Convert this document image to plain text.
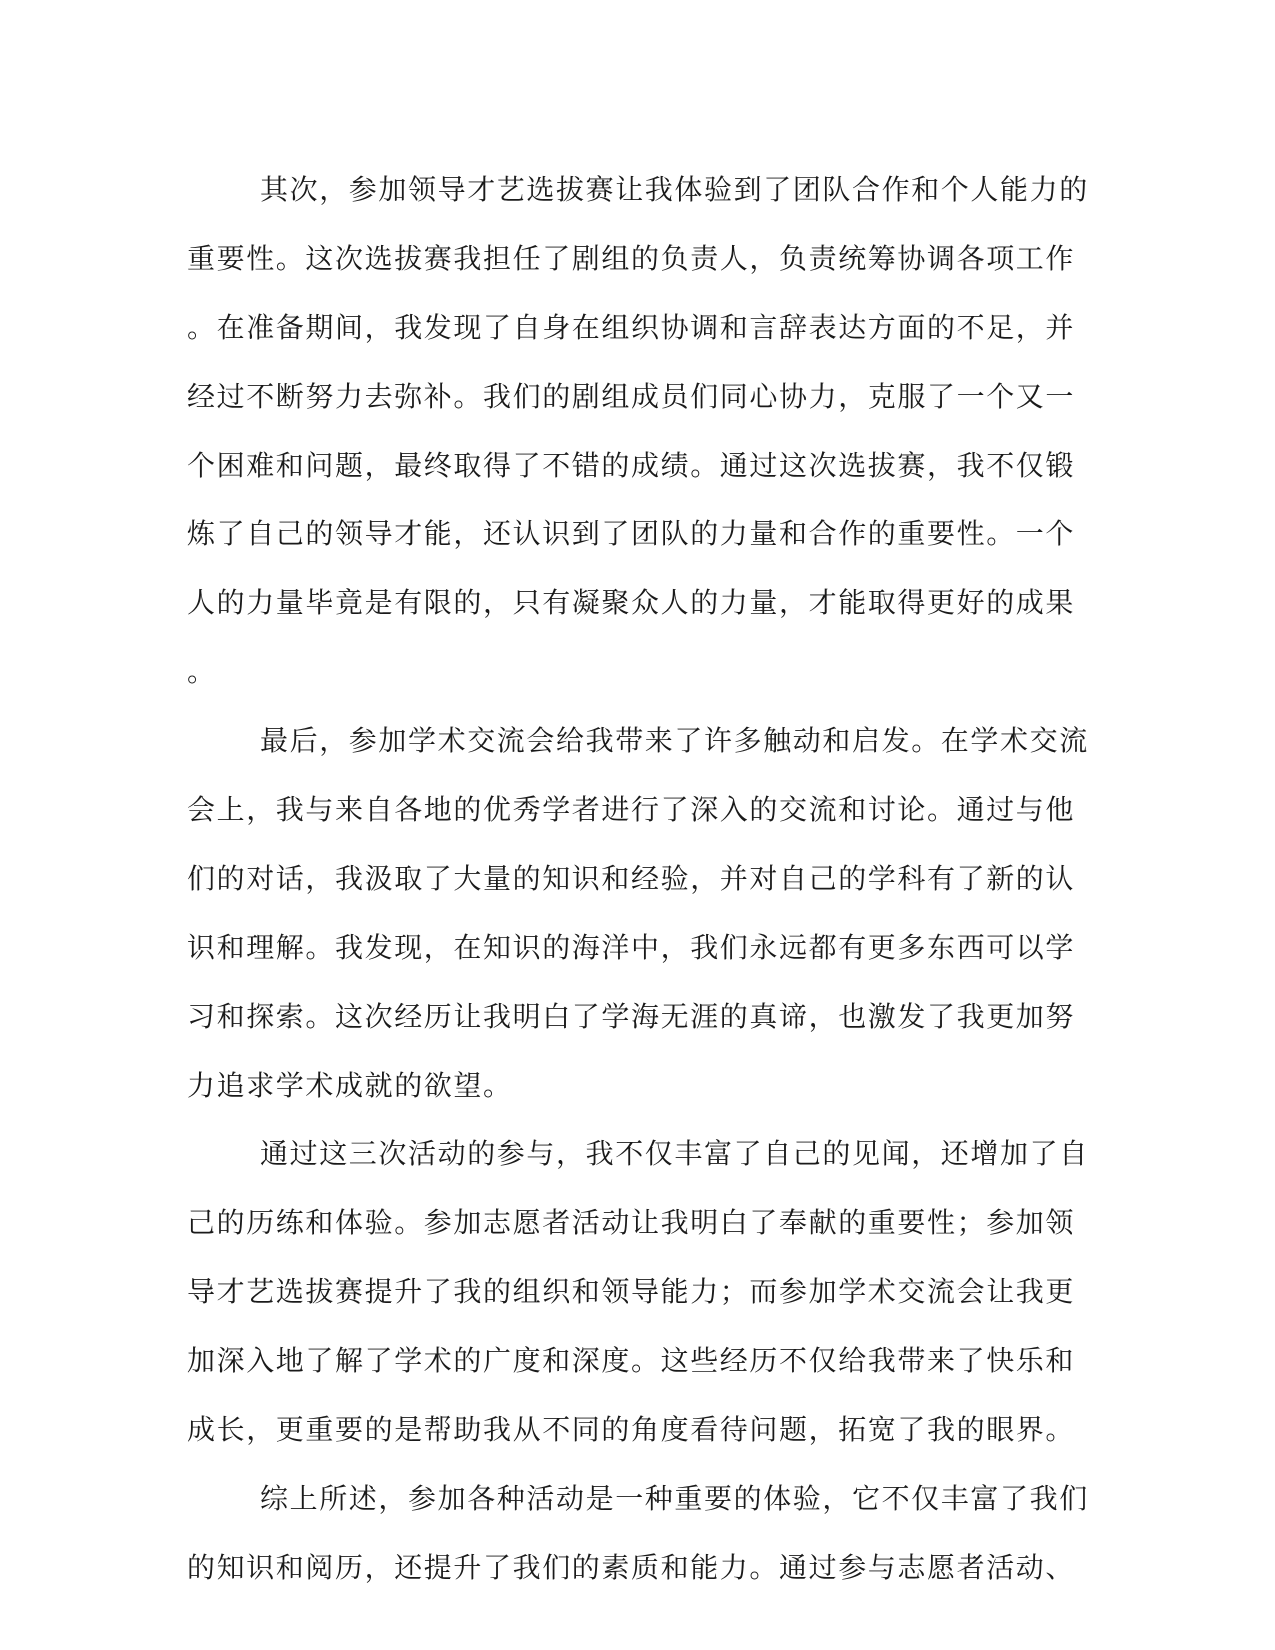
其次，参加领导才艺选拔赛让我体验到了团队合作和个人能力的
重要性。这次选拔赛我担任了剧组的负责人，负责统筹协调各项工作
。在准备期间，我发现了自身在组织协调和言辞表达方面的不足，并
经过不断努力去弥补。我们的剧组成员们同心协力，克服了一个又一
个困难和问题，最终取得了不错的成绩。通过这次选拔赛，我不仅锻
炼了自己的领导才能，还认识到了团队的力量和合作的重要性。一个
人的力量毕竟是有限的，只有凝聚众人的力量，才能取得更好的成果
。
最后，参加学术交流会给我带来了许多触动和启发。在学术交流
会上，我与来自各地的优秀学者进行了深入的交流和讨论。通过与他
们的对话，我汲取了大量的知识和经验，并对自己的学科有了新的认
识和理解。我发现，在知识的海洋中，我们永远都有更多东西可以学
习和探索。这次经历让我明白了学海无涯的真谛，也激发了我更加努
力追求学术成就的欲望。
通过这三次活动的参与，我不仅丰富了自己的见闻，还增加了自
己的历练和体验。参加志愿者活动让我明白了奉献的重要性；参加领
导才艺选拔赛提升了我的组织和领导能力；而参加学术交流会让我更
加深入地了解了学术的广度和深度。这些经历不仅给我带来了快乐和
成长，更重要的是帮助我从不同的角度看待问题，拓宽了我的眼界。
综上所述，参加各种活动是一种重要的体验，它不仅丰富了我们
的知识和阅历，还提升了我们的素质和能力。通过参与志愿者活动、
